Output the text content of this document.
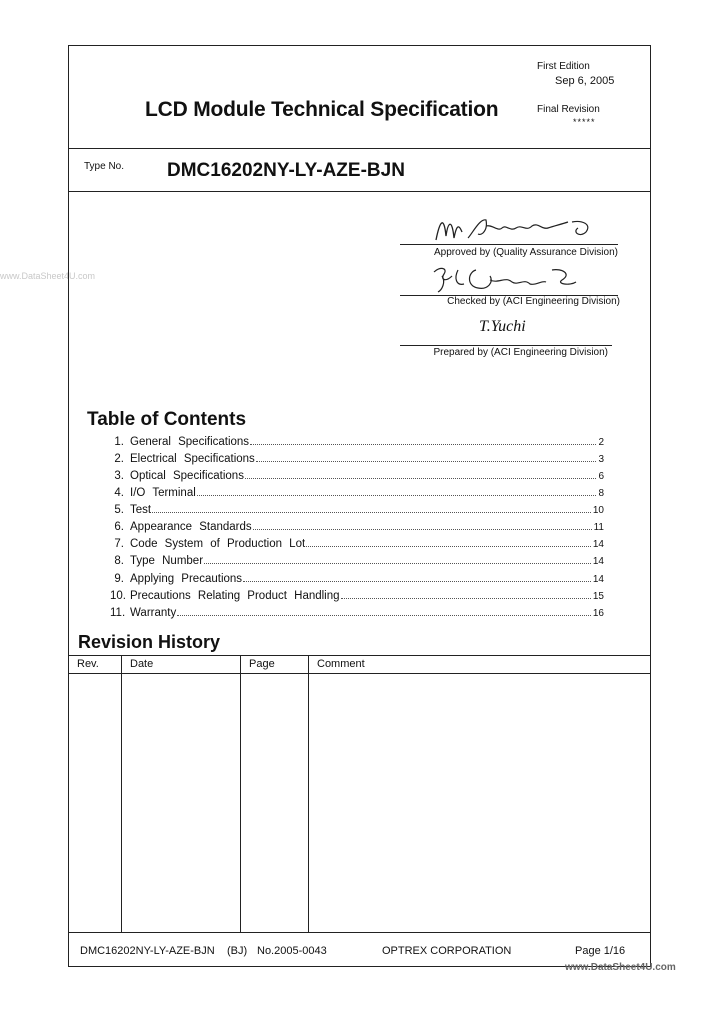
www.DataSheet4U.com
First Edition
Sep 6, 2005
LCD Module Technical Specification	Final Revision
*****
Type No. DMC16202NY-LY-AZE-BJN
Approved by (Quality Assurance Division)
Checked by (ACI Engineering Division)
T.Yuchi
Prepared by (ACI Engineering Division)
Table of Contents
1. General Specifications	2
2. Electrical Specifications	3
3. Optical Specifications	6
4. I/O Terminal	8
5. Test	10
6. Appearance Standards	11
7. Code System of Production Lot	14
8. Type Number	14
9. Applying Precautions	14
10. Precautions Relating Product Handling	15
11. Warranty	16
Revision History
Rev.	Date	Page	Comment
DMC16202NY-LY-AZE-BJN (BJ) No.2005-0043	OPTREX CORPORATION	Page 1/16
www.DataSheet4U.com
